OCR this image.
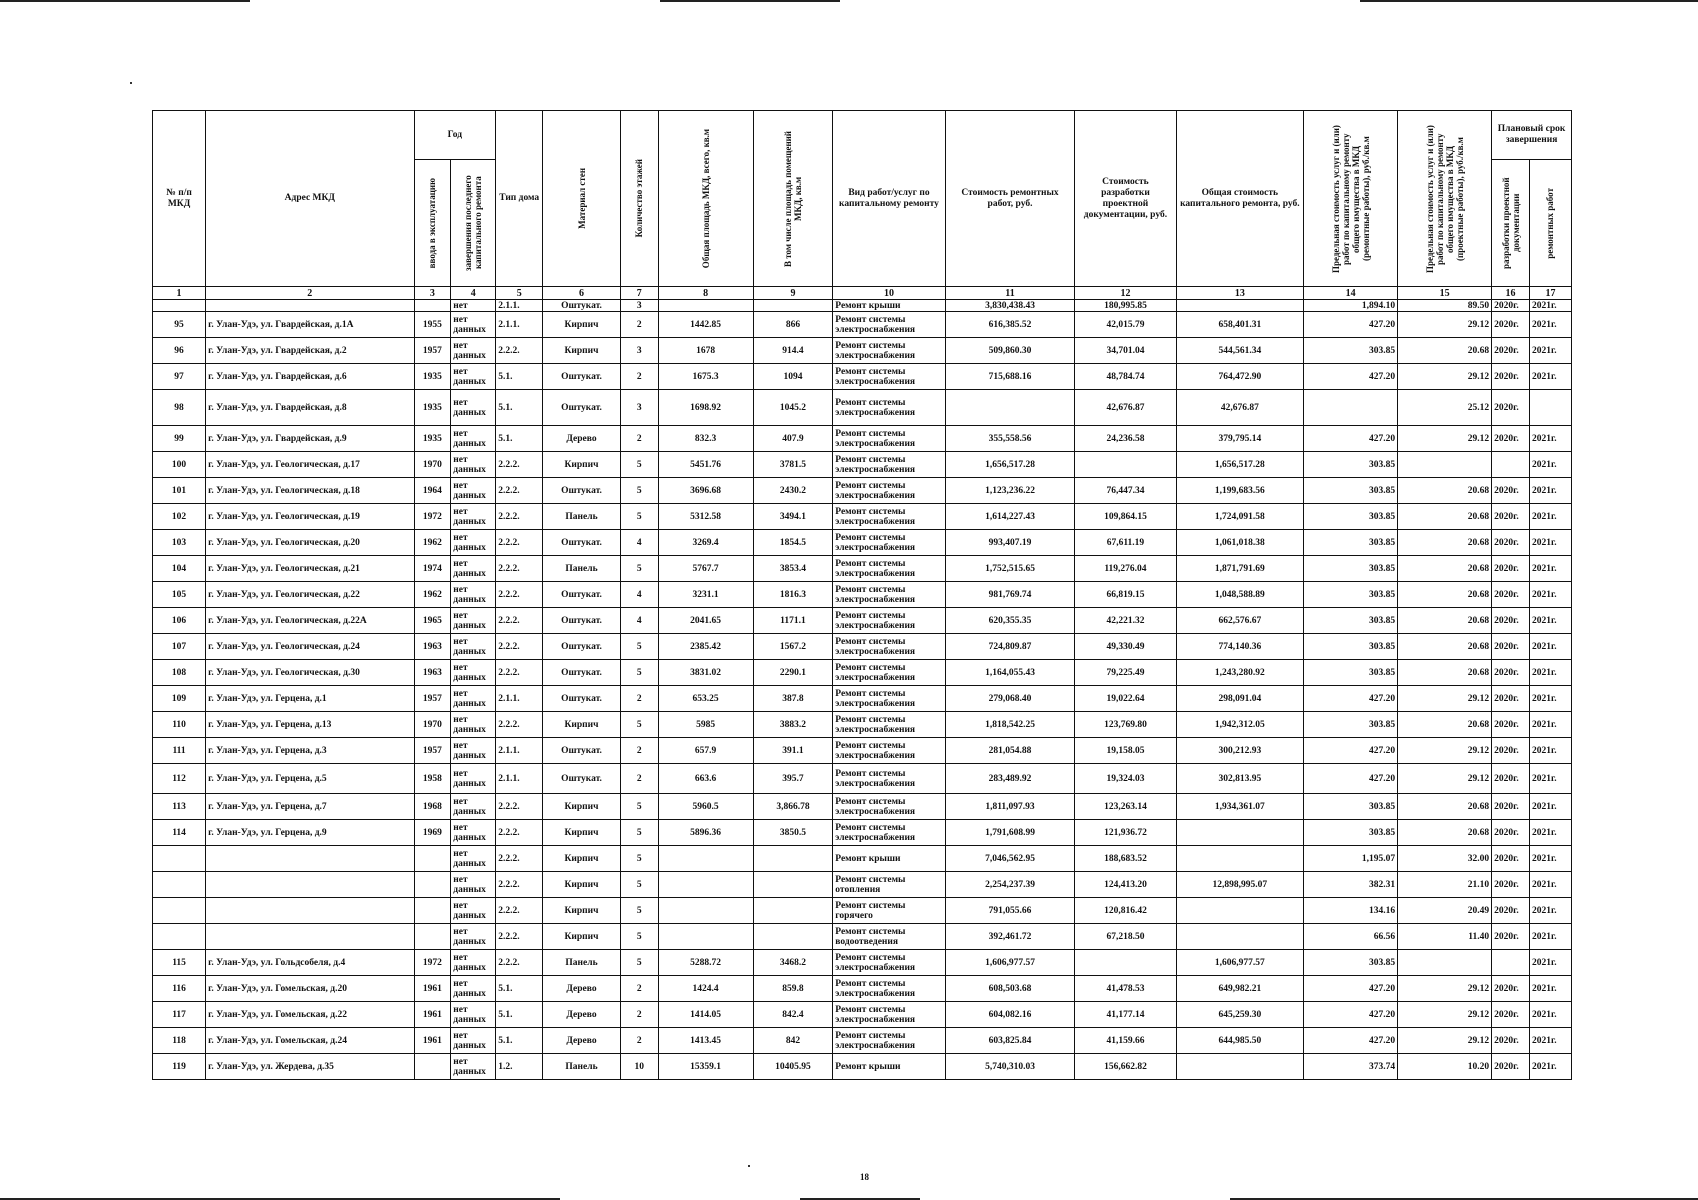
№ п/п МКД	Адрес МКД	Год		Тип дома	Материал стен	Количество этажей	Общая площадь МКД, всего, кв.м	В том числе площадь помещений МКД, кв.м	Вид работ/услуг по капитальному ремонту	Стоимость ремонтных работ, руб.	Стоимость разработки проектной документации, руб.	Общая стоимость капитального ремонта, руб.	Предельная стоимость услуг и (или) работ по капитальному ремонту общего имущества в МКД (ремонтные работы), руб./кв.м	Предельная стоимость услуг и (или) работ по капитальному ремонту общего имущества в МКД (проектные работы), руб./кв.м	Плановый срок завершения	

		ввода в эксплуатацию	завершения последнего капитального ремонта												разработки проектной документации	ремонтных работ

1	2	3	4	5	6	7	8	9	10	11	12	13	14	15	16	17
			нет	2.1.1.	Оштукат.	3			Ремонт крыши	3,830,438.43	180,995.85		1,894.10	89.50	2020г.	2021г.
95	г. Улан-Удэ, ул. Гвардейская, д.1А	1955	нет данных	2.1.1.	Кирпич	2	1442.85	866	Ремонт системы электроснабжения	616,385.52	42,015.79	658,401.31	427.20	29.12	2020г.	2021г.
96	г. Улан-Удэ, ул. Гвардейская, д.2	1957	нет данных	2.2.2.	Кирпич	3	1678	914.4	Ремонт системы электроснабжения	509,860.30	34,701.04	544,561.34	303.85	20.68	2020г.	2021г.
97	г. Улан-Удэ, ул. Гвардейская, д.6	1935	нет данных	5.1.	Оштукат.	2	1675.3	1094	Ремонт системы электроснабжения	715,688.16	48,784.74	764,472.90	427.20	29.12	2020г.	2021г.
98	г. Улан-Удэ, ул. Гвардейская, д.8	1935	нет данных	5.1.	Оштукат.	3	1698.92	1045.2	Ремонт системы электроснабжения		42,676.87	42,676.87		25.12	2020г.	
99	г. Улан-Удэ, ул. Гвардейская, д.9	1935	нет данных	5.1.	Дерево	2	832.3	407.9	Ремонт системы электроснабжения	355,558.56	24,236.58	379,795.14	427.20	29.12	2020г.	2021г.
100	г. Улан-Удэ, ул. Геологическая, д.17	1970	нет данных	2.2.2.	Кирпич	5	5451.76	3781.5	Ремонт системы электроснабжения	1,656,517.28		1,656,517.28	303.85			2021г.
101	г. Улан-Удэ, ул. Геологическая, д.18	1964	нет данных	2.2.2.	Оштукат.	5	3696.68	2430.2	Ремонт системы электроснабжения	1,123,236.22	76,447.34	1,199,683.56	303.85	20.68	2020г.	2021г.
102	г. Улан-Удэ, ул. Геологическая, д.19	1972	нет данных	2.2.2.	Панель	5	5312.58	3494.1	Ремонт системы электроснабжения	1,614,227.43	109,864.15	1,724,091.58	303.85	20.68	2020г.	2021г.
103	г. Улан-Удэ, ул. Геологическая, д.20	1962	нет данных	2.2.2.	Оштукат.	4	3269.4	1854.5	Ремонт системы электроснабжения	993,407.19	67,611.19	1,061,018.38	303.85	20.68	2020г.	2021г.
104	г. Улан-Удэ, ул. Геологическая, д.21	1974	нет данных	2.2.2.	Панель	5	5767.7	3853.4	Ремонт системы электроснабжения	1,752,515.65	119,276.04	1,871,791.69	303.85	20.68	2020г.	2021г.
105	г. Улан-Удэ, ул. Геологическая, д.22	1962	нет данных	2.2.2.	Оштукат.	4	3231.1	1816.3	Ремонт системы электроснабжения	981,769.74	66,819.15	1,048,588.89	303.85	20.68	2020г.	2021г.
106	г. Улан-Удэ, ул. Геологическая, д.22А	1965	нет данных	2.2.2.	Оштукат.	4	2041.65	1171.1	Ремонт системы электроснабжения	620,355.35	42,221.32	662,576.67	303.85	20.68	2020г.	2021г.
107	г. Улан-Удэ, ул. Геологическая, д.24	1963	нет данных	2.2.2.	Оштукат.	5	2385.42	1567.2	Ремонт системы электроснабжения	724,809.87	49,330.49	774,140.36	303.85	20.68	2020г.	2021г.
108	г. Улан-Удэ, ул. Геологическая, д.30	1963	нет данных	2.2.2.	Оштукат.	5	3831.02	2290.1	Ремонт системы электроснабжения	1,164,055.43	79,225.49	1,243,280.92	303.85	20.68	2020г.	2021г.
109	г. Улан-Удэ, ул. Герцена, д.1	1957	нет данных	2.1.1.	Оштукат.	2	653.25	387.8	Ремонт системы электроснабжения	279,068.40	19,022.64	298,091.04	427.20	29.12	2020г.	2021г.
110	г. Улан-Удэ, ул. Герцена, д.13	1970	нет данных	2.2.2.	Кирпич	5	5985	3883.2	Ремонт системы электроснабжения	1,818,542.25	123,769.80	1,942,312.05	303.85	20.68	2020г.	2021г.
111	г. Улан-Удэ, ул. Герцена, д.3	1957	нет данных	2.1.1.	Оштукат.	2	657.9	391.1	Ремонт системы электроснабжения	281,054.88	19,158.05	300,212.93	427.20	29.12	2020г.	2021г.
112	г. Улан-Удэ, ул. Герцена, д.5	1958	нет данных	2.1.1.	Оштукат.	2	663.6	395.7	Ремонт системы электроснабжения	283,489.92	19,324.03	302,813.95	427.20	29.12	2020г.	2021г.
113	г. Улан-Удэ, ул. Герцена, д.7	1968	нет данных	2.2.2.	Кирпич	5	5960.5	3,866.78	Ремонт системы электроснабжения	1,811,097.93	123,263.14	1,934,361.07	303.85	20.68	2020г.	2021г.
114	г. Улан-Удэ, ул. Герцена, д.9	1969	нет данных	2.2.2.	Кирпич	5	5896.36	3850.5	Ремонт системы электроснабжения	1,791,608.99	121,936.72		303.85	20.68	2020г.	2021г.
			нет данных	2.2.2.	Кирпич	5			Ремонт крыши	7,046,562.95	188,683.52		1,195.07	32.00	2020г.	2021г.
			нет данных	2.2.2.	Кирпич	5			Ремонт системы отопления	2,254,237.39	124,413.20	12,898,995.07	382.31	21.10	2020г.	2021г.
			нет данных	2.2.2.	Кирпич	5			Ремонт системы горячего	791,055.66	120,816.42		134.16	20.49	2020г.	2021г.
			нет данных	2.2.2.	Кирпич	5			Ремонт системы водоотведения	392,461.72	67,218.50		66.56	11.40	2020г.	2021г.
115	г. Улан-Удэ, ул. Гольдсобеля, д.4	1972	нет данных	2.2.2.	Панель	5	5288.72	3468.2	Ремонт системы электроснабжения	1,606,977.57		1,606,977.57	303.85			2021г.
116	г. Улан-Удэ, ул. Гомельская, д.20	1961	нет данных	5.1.	Дерево	2	1424.4	859.8	Ремонт системы электроснабжения	608,503.68	41,478.53	649,982.21	427.20	29.12	2020г.	2021г.
117	г. Улан-Удэ, ул. Гомельская, д.22	1961	нет данных	5.1.	Дерево	2	1414.05	842.4	Ремонт системы электроснабжения	604,082.16	41,177.14	645,259.30	427.20	29.12	2020г.	2021г.
118	г. Улан-Удэ, ул. Гомельская, д.24	1961	нет данных	5.1.	Дерево	2	1413.45	842	Ремонт системы электроснабжения	603,825.84	41,159.66	644,985.50	427.20	29.12	2020г.	2021г.
119	г. Улан-Удэ, ул. Жердева, д.35		нет данных	1.2.	Панель	10	15359.1	10405.95	Ремонт крыши	5,740,310.03	156,662.82		373.74	10.20	2020г.	2021г.
18
